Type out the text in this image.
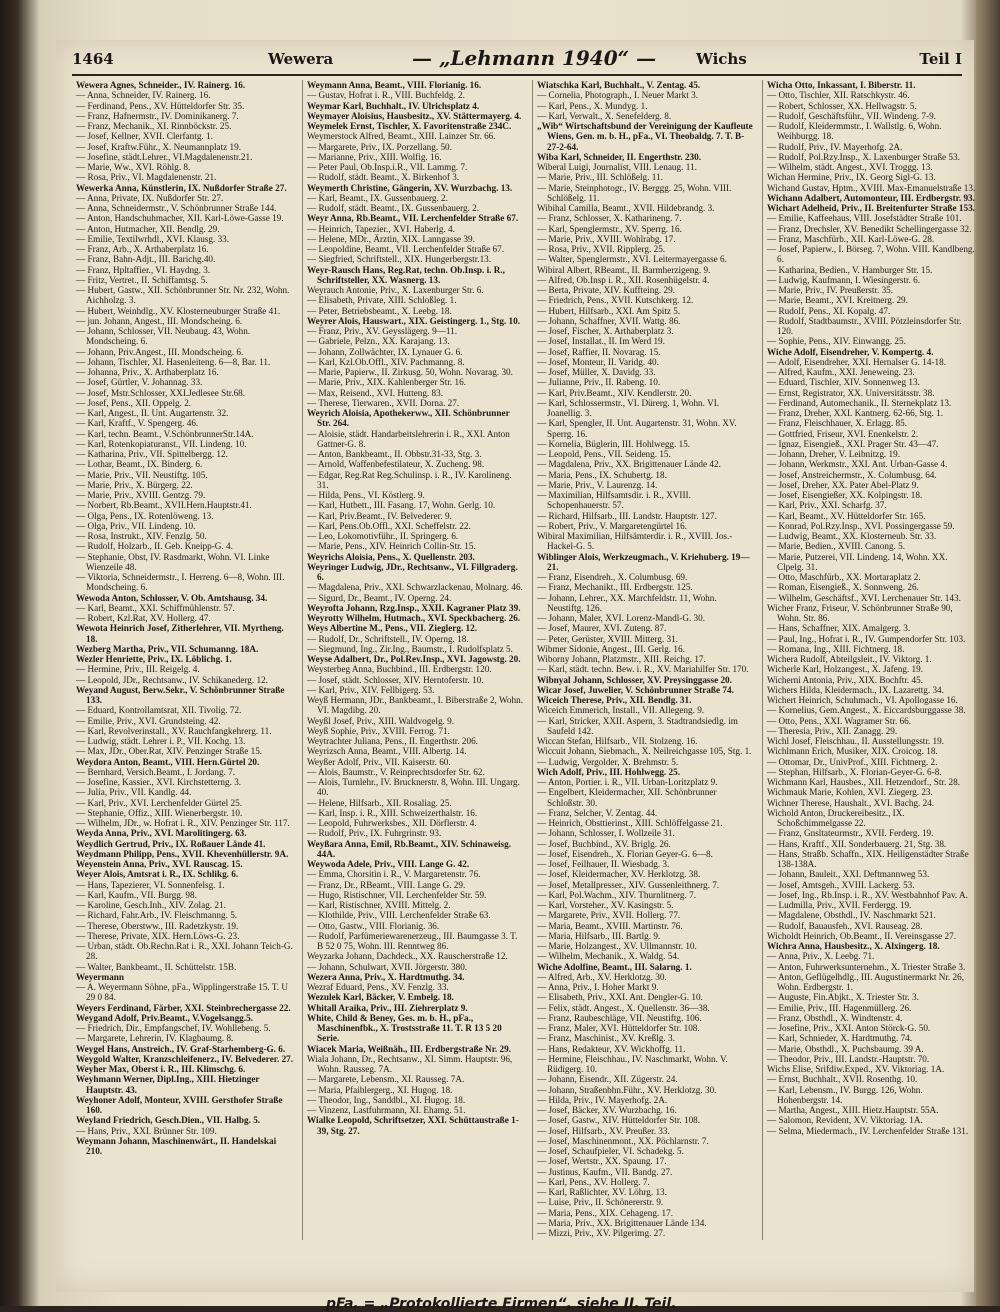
1464	Wewera	— „Lehmann 1940“ —	Wichs	Teil I
Wewera Agnes, Schneider., IV. Rainerg. 16.
— Anna, Schneider, IV. Rainerg. 16.
— Ferdinand, Pens., XV. Hütteldorfer Str. 35.
— Franz, Hafnermstr., IV. Dominikanerg. 7.
— Franz, Mechanik., XI. Rinnböckstr. 25.
— Josef, Kellner, XVII. Clerfantg. 1.
— Josef, Kraftw.Führ., X. Neumannplatz 19.
— Josefine, städt.Lehrer., VI.Magdalenenstr.21.
— Marie, Ww., XVI. Röhlg. 8.
— Rosa, Priv., VI. Magdalenenstr. 21.
Wewerka Anna, Künstlerin, IX. Nußdorfer Straße 27.
— Anna, Private, IX. Nußdorfer Str. 27.
— Anna, Schneidermstr., V. Schönbrunner Straße 144.
— Anton, Handschuhmacher, XII. Karl-Löwe-Gasse 19.
— Anton, Hutmacher, XII. Bendlg. 29.
— Emilie, Textilwrhdl., XVI. Klausg. 33.
— Franz, Arb., X. Arthaberplatz 16.
— Franz, Bahn-Adjt., III. Barichg.40.
— Franz, Hpltaffier., VI. Haydng. 3.
— Fritz, Vertret., II. Schiffamtsg. 5.
— Hubert, Gastw., XII. Schönbrunner Str. Nr. 232, Wohn. Aichholzg. 3.
— Hubert, Weinhdlg., XV. Klosterneuburger Straße 41.
— jun. Johann, Angest., III. Mondscheing. 6.
— Johann, Schlosser, VII. Neubaug. 43, Wohn. Mondscheing. 6.
— Johann, Priv.Angest., III. Mondscheing. 6.
— Johann, Tischler, XI. Hasenleiteng. 6—8, Bar. 11.
— Johanna, Priv., X. Arthaberplatz 16.
— Josef, Gürtler, V. Johannag. 33.
— Josef, Mstr.Schlosser, XXI.Jedlesee Str.68.
— Josef, Pens., XII. Oppelg. 2.
— Karl, Angest., II. Unt. Augartenstr. 32.
— Karl, Kraftf., V. Spengerg. 46.
— Karl, techn. Beamt., V.SchönbrunnerStr.14A.
— Karl, Rotenkopiaturanst., VII. Lindeng. 10.
— Katharina, Priv., VII. Spittelbergg. 12.
— Lothar, Beamt., IX. Binderg. 6.
— Marie, Priv., VII. Neustiftg. 105.
— Marie, Priv., X. Bürgerg. 22.
— Marie, Priv., XVIII. Gentzg. 79.
— Norbert, Rb.Beamt., XVII.Hern.Hauptstr.41.
— Olga, Pens., IX. Rotenlöweng. 13.
— Olga, Priv., VII. Lindeng. 10.
— Rosa, Instrukt., XIV. Fenzlg. 50.
— Rudolf, Holzarb., II. Geb. Kneipp-G. 4.
— Stephanie, Obst, IV. Rasdmarkt, Wohn. VI. Linke Wienzeile 48.
— Viktoria, Schneidermstr., I. Herreng. 6—8, Wohn. III. Mondscheing. 6.
Wewoda Anton, Schlosser, V. Ob. Amtshausg. 34.
— Karl, Beamt., XXI. Schiffmühlenstr. 57.
— Robert, Kzl.Rat, XV. Hollerg. 47.
Wewota Heinrich Josef, Zitherlehrer, VII. Myrtheng. 18.
Wezberg Martha, Priv., VII. Schumanng. 18A.
Wezler Henriette, Priv., IX. Löblichg. 1.
— Hermine, Priv., III. Reigelg. 4.
— Leopold, JDr., Rechtsanw., IV. Schikanederg. 12.
Weyand August, Berw.Sekr., V. Schönbrunner Straße 133.
— Eduard, Kontrollamtsrat, XII. Tivolig. 72.
— Emilie, Priv., XVI. Grundsteing. 42.
— Karl, Revolverinstall., XV. Rauchfangkehrerg. 11.
— Ludwig, städt. Lehrer i. P., VII. Kochg. 13.
— Max, JDr., Ober.Rat, XIV. Penzinger Straße 15.
Weydora Anton, Beamt., VIII. Hern.Gürtel 20.
— Bernhard, Versich.Beamt., I. Jordang. 7.
— Josefine, Kassier., XVI. Kirchstetterng. 3.
— Julia, Priv., VII. Kandlg. 44.
— Karl, Priv., XVI. Lerchenfelder Gürtel 25.
— Stephanie, Offiz., XIII. Wienerbergstr. 10.
— Wilhelm, JDr., w. Hofrat i. R., XIV. Penzinger Str. 117.
Weyda Anna, Priv., XVI. Marolitingerg. 63.
Weydlich Gertrud, Priv., IX. Roßauer Lände 41.
Weydmann Philipp, Pens., XVII. Khevenhüllerstr. 9A.
Weyenstein Anna, Priv., XVI. Rauscag. 15.
Weyer Alois, Amtsrat i. R., IX. Schlikg. 6.
— Hans, Tapezierer, VI. Sonnenfelsg. 1.
— Karl, Kaufm., VII. Burgg. 98.
— Karoline, Gesch.Inh., XIV. Zolag. 21.
— Richard, Fahr.Arb., IV. Fleischmanng. 5.
— Therese, Oberstww., III. Radetzkystr. 19.
— Therese, Private, XIX. Hern.Löws-G. 23.
— Urban, städt. Ob.Rechn.Rat i. R., XXI. Johann Teich-G. 28.
— Walter, Bankbeamt., II. Schüttelstr. 15B.
Weyermann
— A. Weyermann Söhne, pFa., Wipplingerstraße 15. T. U 29 0 84.
Weyers Ferdinand, Färber, XXI. Steinbrechergasse 22.
Weygand Adolf, Priv.Beamt., V.Vogelsangg.5.
— Friedrich, Dir., Empfangschef, IV. Wohllebeng. 5.
— Margarete, Lehrerin, IV. Klagbaumg. 8.
Weygel Hans, Anstreich., IV. Graf-Starhemberg-G. 6.
Weygold Walter, Kranzschleifenerz., IV. Belvederег. 27.
Weyher Max, Oberst i. R., III. Klimschg. 6.
Weyhmann Werner, Dipl.Ing., XIII. Hietzinger Hauptstr. 43.
Weyhoner Adolf, Monteur, XVIII. Gersthofer Straße 160.
Weyland Friedrich, Gesch.Dien., VII. Halbg. 5.
— Hans, Priv., XXI. Brünner Str. 109.
Weymann Johann, Maschinenwärt., II. Handelskai 210.
Weymann Anna, Beamt., VIII. Florianig. 16.
— Gustav, Hofrat i. R., VIII. Buchfeldg. 2.
Weymar Karl, Buchhalt., IV. Ulrichsplatz 4.
Weymayer Aloisius, Hausbesitz., XV. Stättermayerg. 4.
Weymelek Ernst, Tischler, X. Favoritenstraße 234C.
Weymerstock Alfred, Beamt., XIII. Lainzer Str. 66.
— Margarete, Priv., IX. Porzellang. 50.
— Marianne, Priv., XIII. Wolfig. 16.
— Peter Paul, Ob.Insp.i.R., VII. Lammg. 7.
— Rudolf, städt. Beamt., X. Birkenhof 3.
Weymerth Christine, Gängerin, XV. Wurzbachg. 13.
— Karl, Beamt., IX. Gussenbauerg. 2.
— Rudolf, städt. Beamt., IX. Gussenbauerg. 2.
Weyr Anna, Rb.Beamt., VII. Lerchenfelder Straße 67.
— Heinrich, Tapezier., XVI. Haberlg. 4.
— Helene, MDr., Ärztin, XIX. Lanngasse 39.
— Leopoldine, Beamt., VII. Lerchenfelder Straße 67.
— Siegfried, Schriftstell., XIX. Hungerbergstr.13.
Weyr-Rausch Hans, Reg.Rat, techn. Ob.Insp. i. R., Schriftsteller, XX. Wasnerg. 13.
Weyrauch Antonie, Priv., X. Laxenburger Str. 6.
— Elisabeth, Private, XIII. Schloßleg. 1.
— Peter, Betriebsbeamt., X. Leebg. 18.
Weyrer Alois, Hauswart., XIX. Geistingerg. 1., Stg. 10.
— Franz, Priv., XV. Geysslägerg. 9—11.
— Gabriele, Pelzn., XX. Karajang. 13.
— Johann, Zollwächter, IX. Lynauer G. 6.
— Karl, Kzl.Ob.Offl., XIV. Pachmanng. 8.
— Marie, Papierw., II. Zirkusg. 50, Wohn. Novarag. 30.
— Marie, Priv., XIX. Kahlenberger Str. 16.
— Max, Reisend., XVI. Hutteng. 83.
— Therese, Tierwaren., XVII. Dorna. 27.
Weyrich Aloisia, Apothekerww., XII. Schönbrunner Str. 264.
— Aloisie, städt. Handarbeitslehrerin i. R., XXI. Anton Gattner-G. 8.
— Anton, Bankbeamt., II. Obbstr.31-33, Stg. 3.
— Arnold, Waffenbefestilateur, X. Zucheng. 98.
— Edgar, Reg.Rat Reg.Schulinsp. i. R., IV. Karolineng. 31.
— Hilda, Pens., VI. Köstlerg. 9.
— Karl, Hutbett., III. Fasang. 17, Wohn. Gerlg. 10.
— Karl, Priv.Beamt., IV. Belvederег. 9.
— Karl, Pens.Ob.Offl., XXI. Scheffelstr. 22.
— Leo, Lokomotivführ., II. Springerg. 6.
— Marie, Pens., XIV. Heinrich Collin-Str. 15.
Weyrichs Aloisia, Pens., X. Quellenstr. 203.
Weyringer Ludwig, JDr., Rechtsanw., VI. Fillgraderg. 6.
— Magdalena, Priv., XXI. Schwarzlackenau, Molnarg. 46.
— Sigurd, Dr., Beamt., IV. Operng. 24.
Weyrofta Johann, Rzg.Insp., XXII. Kagraner Platz 39.
Weyrotty Wilhelm, Hutmach., XVI. Speckbacherg. 26.
Weys Albertine M., Pens., VII. Zieglerg. 12.
— Rudolf, Dr., Schriftstell., IV. Operng. 18.
— Siegmund, Ing., Zir.Ing., Baumstr., I. Rudolfsplatz 5.
Weyse Adalbert, Dr., Pol.Rev.Insp., XVI. Jagowstg. 20.
Weysterbeg Anna, Buchbind., III. Erdbergstr. 120.
— Josef, städt. Schlosser, XIV. Herntoferstr. 10.
— Karl, Priv., XIV. Fellbigerg. 53.
Weyß Hermann, JDr., Bankbeamt., I. Biberstraße 2, Wohn. VI. Magdibg. 20.
Weyßl Josef, Priv., XIII. Waldvogelg. 9.
Weyß Sophie, Priv., XVIII. Ferrog. 71.
Weytrachter Juliana, Pens., II. Engerthstr. 206.
Weyrizsch Anna, Beamt., VIII. Albertg. 14.
Weyßer Adolf, Priv., VII. Kaiserstr. 60.
— Alois, Baumstr., V. Reinprechtsdorfer Str. 62.
— Alois, Turnlehr., IV. Brucknerstr. 8, Wohn. III. Ungarg. 40.
— Helene, Hilfsarb., XII. Rosaliag. 25.
— Karl, Insp. i. R., XIII. Schweizerthalstr. 16.
— Leopold, Fuhrwerksbes., XII. Dörflerstr. 4.
— Rudolf, Priv., IX. Fuhrgrinstr. 93.
Weyßara Anna, Emil, Rb.Beamt., XIV. Schinaweisg. 44A.
Weywoda Adele, Priv., VIII. Lange G. 42.
— Emma, Chorsitin i. R., V. Margaretenstr. 76.
— Franz, Dr., RBeamt., VIII. Lange G. 29.
— Hugo, Ristischner, VII. Lerchenfelder Str. 59.
— Karl, Ristischner, XVIII. Mittelg. 2.
— Klothilde, Priv., VIII. Lerchenfelder Straße 63.
— Otto, Gastw., VIII. Florianig. 36.
— Rudolf, Parfümeriewarenerzeug., III. Baumgasse 3. T. B 52 0 75, Wohn. III. Renntweg 86.
Weyzarka Johann, Dachdeck., XX. Rauscherstraße 12.
— Johann, Schulwart, XVII. Jörgerstr. 380.
Wezera Anna, Priv., X. Hardtmuthg. 34.
Wezraf Eduard, Pens., XV. Fenzlg. 33.
Wezulek Karl, Bäcker, V. Embelg. 18.
Whitall Araika, Priv., III. Ziehrerplatz 9.
White, Child & Beney, Ges. m. b. H., pFa., Maschinenfbk., X. Trostsstraße 11. T. R 13 5 20 Serie.
Wiacek Maria, Weißnäh., III. Erdbergstraße Nr. 29.
Wiala Johann, Dr., Rechtsanw., XI. Simm. Hauptstr. 96, Wohn. Rausseg. 7A.
— Margarete, Lebensm., XI. Rausseg. 7A.
— Maria, Pfaiblergerg., XI. Hugog. 18.
— Theodor, Ing., Sanddbl., XI. Hugog. 18.
— Vinzenz, Lastfuhrmann, XI. Ehamg. 51.
Wialke Leopold, Schriftsetzer, XXI. Schüttaustraße 1-39, Stg. 27.
Wiatschka Karl, Buchhalt., V. Zentag. 45.
— Cornelia, Photograph., I. Neuer Markt 3.
— Karl, Pens., X. Mundyg. 1.
— Karl, Verwalt., X. Senefelderg. 8.
„Wib“ Wirtschaftsbund der Vereinigung der Kaufleute Wiens, Gen. m. b. H., pFa., VI. Theobaldg. 7. T. B-27-2-64.
Wiba Karl, Schneider, II. Engerthstr. 230.
Wiberal Luigi, Journalist, VIII. Lenaug. 11.
— Marie, Priv., III. Schlößelg. 11.
— Marie, Steinphotogr., IV. Berggg. 25, Wohn. VIII. Schlößelg. 11.
Wibihal Camilla, Beamt., XVII. Hildebrandg. 3.
— Franz, Schlosser, X. Katharineng. 7.
— Karl, Spenglermstr., XV. Sperrg. 16.
— Marie, Priv., XVIII. Wohlrabg. 17.
— Rosa, Priv., XVII. Ripplerg. 25.
— Walter, Spenglermstr., XVI. Leitermayergasse 6.
Wibiral Albert, RBeamt., II. Barmherzigeng. 9.
— Alfred, Ob.Insp i. R., XII. Rosenhügelstr. 4.
— Berta, Private, XIV. Kuffteing. 29.
— Friedrich, Pens., XVII. Kutschkerg. 12.
— Hubert, Hilfsarb., XXI. Am Spitz 5.
— Johann, Schaffner, XVII. Wattg. 86.
— Josef, Fischer, X. Arthaberplatz 3.
— Josef, Installat., II. Im Werd 19.
— Josef, Raffier, II. Novarag. 15.
— Josef, Monteur, II. Varidg. 40.
— Josef, Müller, X. Davidg. 33.
— Julianne, Priv., II. Rabeng. 10.
— Karl, Priv.Beamt., XIV. Kendlerstr. 20.
— Karl, Schlossermstr., VI. Dürerg. 1, Wohn. VI. Joanellig. 3.
— Karl, Spengler, II. Unt. Augartenstr. 31, Wohn. XV. Sperrg. 16.
— Kornelia, Büglerin, III. Hohlwegg. 15.
— Leopold, Pens., VII. Seideng. 15.
— Magdalena, Priv., XX. Brigittenauer Lände 42.
— Maria, Pens., IX. Schubertg. 18.
— Marie, Priv., V. Laurenzg. 14.
— Maximilian, Hilfsamtsdir. i. R., XVIII. Schopenhauerstr. 57.
— Richard, Hilfsarb., III. Landstr. Hauptstr. 127.
— Robert, Priv., V. Margaretengürtel 16.
Wibiral Maximilian, Hilfsämterdir. i. R., XVIII. Jos.-Hackel-G. 5.
Wiblinger Alois, Werkzeugmach., V. Kriehuberg. 19—21.
— Franz, Eisendreh., X. Columbusg. 69.
— Franz, Mechanikt., III. Erdbergstr. 125.
— Johann, Lehrer., XX. Marchfeldstr. 11, Wohn. Neustiftg. 126.
— Johann, Maler, XVI. Lorenz-Mandl-G. 30.
— Josef, Maurer, XVI. Zuteng. 87.
— Peter, Gerüster, XVIII. Mitterg. 31.
Wibmer Sidonie, Angest., III. Gerlg. 16.
Wiborny Johann, Platzmstr., XIII. Reichg. 17.
— Karl, städt. techn. Bew. i. R., XV. Mariahilfer Str. 170.
Wibnyal Johann, Schlosser, XV. Preysinggasse 20.
Wicar Josef, Juwelier, V. Schönbrunner Straße 74.
Wiceich Therese, Priv., XII. Bendlg. 31.
Wiceich Emmerich, Install., VII. Allegeng. 9.
— Karl, Stricker, XXII. Aspern, 3. Stadtrandsiedlg. im Saufeld 142.
Wiccan Stefan, Hilfsarb., VII. Stolzeng. 16.
Wiccuit Johann, Siebmach., X. Neilreichgasse 105, Stg. 1.
— Ludwig, Vergolder, X. Brehmstr. 5.
Wich Adolf, Priv., III. Hohlwegg. 25.
— Anton, Portier. i. R., VII. Urban-Loritzplatz 9.
— Engelbert, Kleidermacher, XII. Schönbrunner Schloßstr. 30.
— Franz, Selcher, V. Zentag. 44.
— Heinrich, Obsttierinst., XIII. Schlöffelgasse 21.
— Johann, Schlosser, I. Wollzeile 31.
— Josef, Buchbind., XV. Briglg. 26.
— Josef, Eisendreh., X. Florian Geyer-G. 6—8.
— Josef, Feilhauer, II. Wiesbadg. 3.
— Josef, Kleidermacher, XV. Herklotzg. 38.
— Josef, Metallpresser., XIV. Gussenleithnerg. 7.
— Karl, Pol.Wachm., XIV. Thurnlitnerg. 7.
— Karl, Vorsteher., XV. Kasingstr. 5.
— Margarete, Priv., XVII. Hollerg. 77.
— Maria, Beamt., XVIII. Martinstr. 76.
— Maria, Hilfsarb., III. Bartlg. 9.
— Marie, Holzangest., XV. Ullmannstr. 10.
— Wilhelm, Mechanik., X. Waldg. 54.
Wiche Adolfine, Beamt., III. Salarng. 1.
— Alfred, Arb., XV. Herklotzg. 30.
— Anna, Priv., I. Hoher Markt 9.
— Elisabeth, Priv., XXI. Ant. Dengler-G. 10.
— Felix, städt. Angest., X. Quellenstr. 36—38.
— Franz, Raubeschläge, VII. Neustiftg. 106.
— Franz, Maler, XVI. Hütteldorfer Str. 108.
— Franz, Maschinist., XV. Kreßlg. 3.
— Hans, Redakteur, XV. Wickhoffg. 11.
— Hermine, Fleischhau., IV. Naschmarkt, Wohn. V. Rüdigerg. 10.
— Johann, Eisendr., XII. Zügerstr. 24.
— Johann, Straßenbhn.Führ., XV. Herklotzg. 30.
— Hilda, Priv., IV. Mayerhofg. 2A.
— Josef, Bäcker, XV. Wurzbachg. 16.
— Josef, Gastw., XIV. Hütteldorfer Str. 108.
— Josef, Hilfsarb., XV. Preußer. 33.
— Josef, Maschinenmont., XX. Pöchlarnstr. 7.
— Josef, Schaufpieler, VI. Schadekg. 5.
— Josef, Wertstr., XX. Spaung. 17.
— Justinus, Kaufm., VII. Bandg. 27.
— Karl, Pens., XV. Hollerg. 7.
— Karl, Raßlichter, XV. Löhrg. 13.
— Luise, Priv., II. Schönererstr. 9.
— Maria, Pens., XIX. Cehageng. 17.
— Maria, Priv., XX. Brigittenauer Lände 134.
— Mizzi, Priv., XV. Pilgerimg. 27.
Wicha Otto, Inkassant, I. Biberstr. 11.
— Otto, Tischler, XII. Ratschkystr. 46.
— Robert, Schlosser, XX. Hellwagstr. 5.
— Rudolf, Geschäftsführ., VII. Windeng. 7-9.
— Rudolf, Kleidermmstr., I. Wallstlg. 6, Wohn. Weihburgg. 18.
— Rudolf, Priv., IV. Mayerhofg. 2A.
— Rudolf, Pol.Rzy.Insp., X. Laxenburger Straße 53.
— Wilhelm, städt. Angest., XVI. Troggg. 13.
Wichan Hermine, Priv., IX. Georg Sigl-G. 13.
Wichand Gustav, Hptm., XVIII. Max-Emanuelstraße 13.
Wichann Adalbert, Automonteur, III. Erdbergstr. 93.
Wichart Adelheid, Priv., II. Breitenfurter Straße 153.
— Emilie, Kaffeehaus, VIII. Josefstädter Straße 101.
— Franz, Drechsler, XV. Benedikt Schellingergasse 32.
— Franz, Maschfürb., XII. Karl-Löwe-G. 28.
— Josef, Papierw., I. Börseg. 7, Wohn. VIII. Kandlbeng. 6.
— Katharina, Bedien., V. Hamburger Str. 15.
— Ludwig, Kaufmann, I. Wiesingerstr. 6.
— Marie, Priv., IV. Preußerstr. 35.
— Marie, Beamt., XVI. Kreitnerg. 29.
— Rudolf, Pens., XI. Kopalg. 47.
— Rudolf, Stadtbaumstr., XVIII. Pötzleinsdorfer Str. 120.
— Sophie, Pens., XIV. Einwangg. 25.
Wiche Adolf, Eisendreher, V. Kompertg. 4.
— Adolf, Eisendreher, XXI. Hernalser G. 14-18.
— Alfred, Kaufm., XXI. Jeneweing. 23.
— Eduard, Tischler, XIV. Sonnenweg 13.
— Ernst, Registrator, XX. Universitätsstr. 38.
— Ferdinand, Automechanik., II. Sternekplatz 13.
— Franz, Dreher, XXI. Kantnerg. 62-66, Stg. 1.
— Franz, Fleischhauer, X. Erlagg. 85.
— Gottfried, Friseur, XVI. Enenkelstr. 2.
— Ignaz, Eisengieß., XXI. Prager Str. 43—47.
— Johann, Dreher, V. Leibnitzg. 19.
— Johann, Werkmstr., XXI. Ant. Urban-Gasse 4.
— Josef, Anstreichermstr., X. Columbusg. 64.
— Josef, Dreher, XX. Pater Abel-Platz 9.
— Josef, Eisengießer, XX. Kolpingstr. 18.
— Karl, Priv., XXI. Scharfg. 37.
— Karl, Beamt., XV. Hütteldorfer Str. 165.
— Konrad, Pol.Rzy.Insp., XVI. Possingergasse 59.
— Ludwig, Beamt., XX. Klosterneub. Str. 33.
— Marie, Bedien., XVIII. Canong. 5.
— Marie, Putzerei, VII. Lindeng. 14, Wohn. XX. Clpelg. 31.
— Otto, Maschfürb., XX. Mortaraplatz 2.
— Roman, Eisengieß., X. Sonnweng. 26.
— Wilhelm, Geschäftsf., XVI. Lerchenauer Str. 143.
Wicher Franz, Friseur, V. Schönbrunner Straße 90, Wohn. Str. 86.
— Hans, Schaffner, XIX. Amalgerg. 3.
— Paul, Ing., Hofrat i. R., IV. Gumpendorfer Str. 103.
— Romana, Ing., XIII. Fichtnerg. 18.
Wichera Rudolf, Abteilgsleit., IV. Viktorg. 1.
Wicherle Karl, Holzangest., X. Jafeng. 19.
Wicherni Antonia, Priv., XIX. Bochftr. 45.
Wichers Hilda, Kleidermach., IX. Lazarettg. 34.
Wichert Heinrich, Schuhmach., VI. Apollogasse 16.
— Kornelius, Gem.Angest., X. Eiccardsburggasse 38.
— Otto, Pens., XXI. Wagramer Str. 66.
— Theresia, Priv., XII. Zanagg. 29.
Wichl Josef, Fleischhau., II. Ausstellungsstr. 19.
Wichlmann Erich, Musiker, XIX. Croicog. 18.
— Ottomar, Dr., UnivProf., XIII. Fichtnerg. 2.
— Stephan, Hilfsarb., X. Florian-Geyer-G. 6-8.
Wichmann Karl, Hausbes., XII. Hetzendorf., Str. 28.
Wichmauk Marie, Kohlen, XVI. Ziegerg. 23.
Wichner Therese, Haushalt., XVI. Bachg. 24.
Wichold Anton, Druckereibesitz., IX. Schoßchimmelgasse 22.
— Franz, Gnsltateurmstr., XVII. Ferderg. 19.
— Hans, Kraftf., XII. Sonderbauerg. 21, Stg. 38.
— Hans, Straßb. Schaffn., XIX. Heiligenstädter Straße 138-138A.
— Johann, Bauleit., XXI. Deftmannweg 53.
— Josef, Amtsgeh., XVIII. Lackerg. 53.
— Josef, Ing., Rb.Insp. i. R., XV. Westbahnhof Pav. A.
— Ludmilla, Priv., XVII. Ferdergg. 19.
— Magdalene, Obsthdl., IV. Naschmarkt 521.
— Rudolf, Bauausfeh., XVI. Rauseag. 28.
Wicholdt Heinrich, Ob.Beamt., II. Vereinsgasse 27.
Wichra Anna, Hausbesitz., X. Alxingerg. 18.
— Anna, Priv., X. Leebg. 71.
— Anton, Fuhrwerksunternehm., X. Triester Straße 3.
— Anton, Geflügelhdlg., III. Augustinermarkt Nr. 26, Wohn. Erdbergstr. 1.
— Auguste, Fin.Abjkt., X. Triester Str. 3.
— Emilie, Priv., III. Hagenmüllerg. 26.
— Franz, Obsthdl., X. Windtenstr. 4.
— Josefine, Priv., XXI. Anton Störck-G. 50.
— Karl, Schnieder, X. Hardtmuthg. 74.
— Marie, Obsthdl., X. Puchsbaumg. 39 A.
— Theodor, Priv., III. Landstr.-Hauptstr. 70.
Wichs Elise, Srifdiw.Exped., XV. Viktoriag. 1A.
— Ernst, Buchhalt., XVII. Rosenthg. 10.
— Karl, Lebensm., IV. Burgg. 126, Wohn. Hohenbergstr. 14.
— Martha, Angest., XIII. Hietz.Hauptstr. 55A.
— Salomon, Revident, XV. Viktoriag. 1A.
— Selma, Miedermach., IV. Lerchenfelder Straße 131.
pFa. = „Protokollierte Firmen“, siehe II. Teil.
